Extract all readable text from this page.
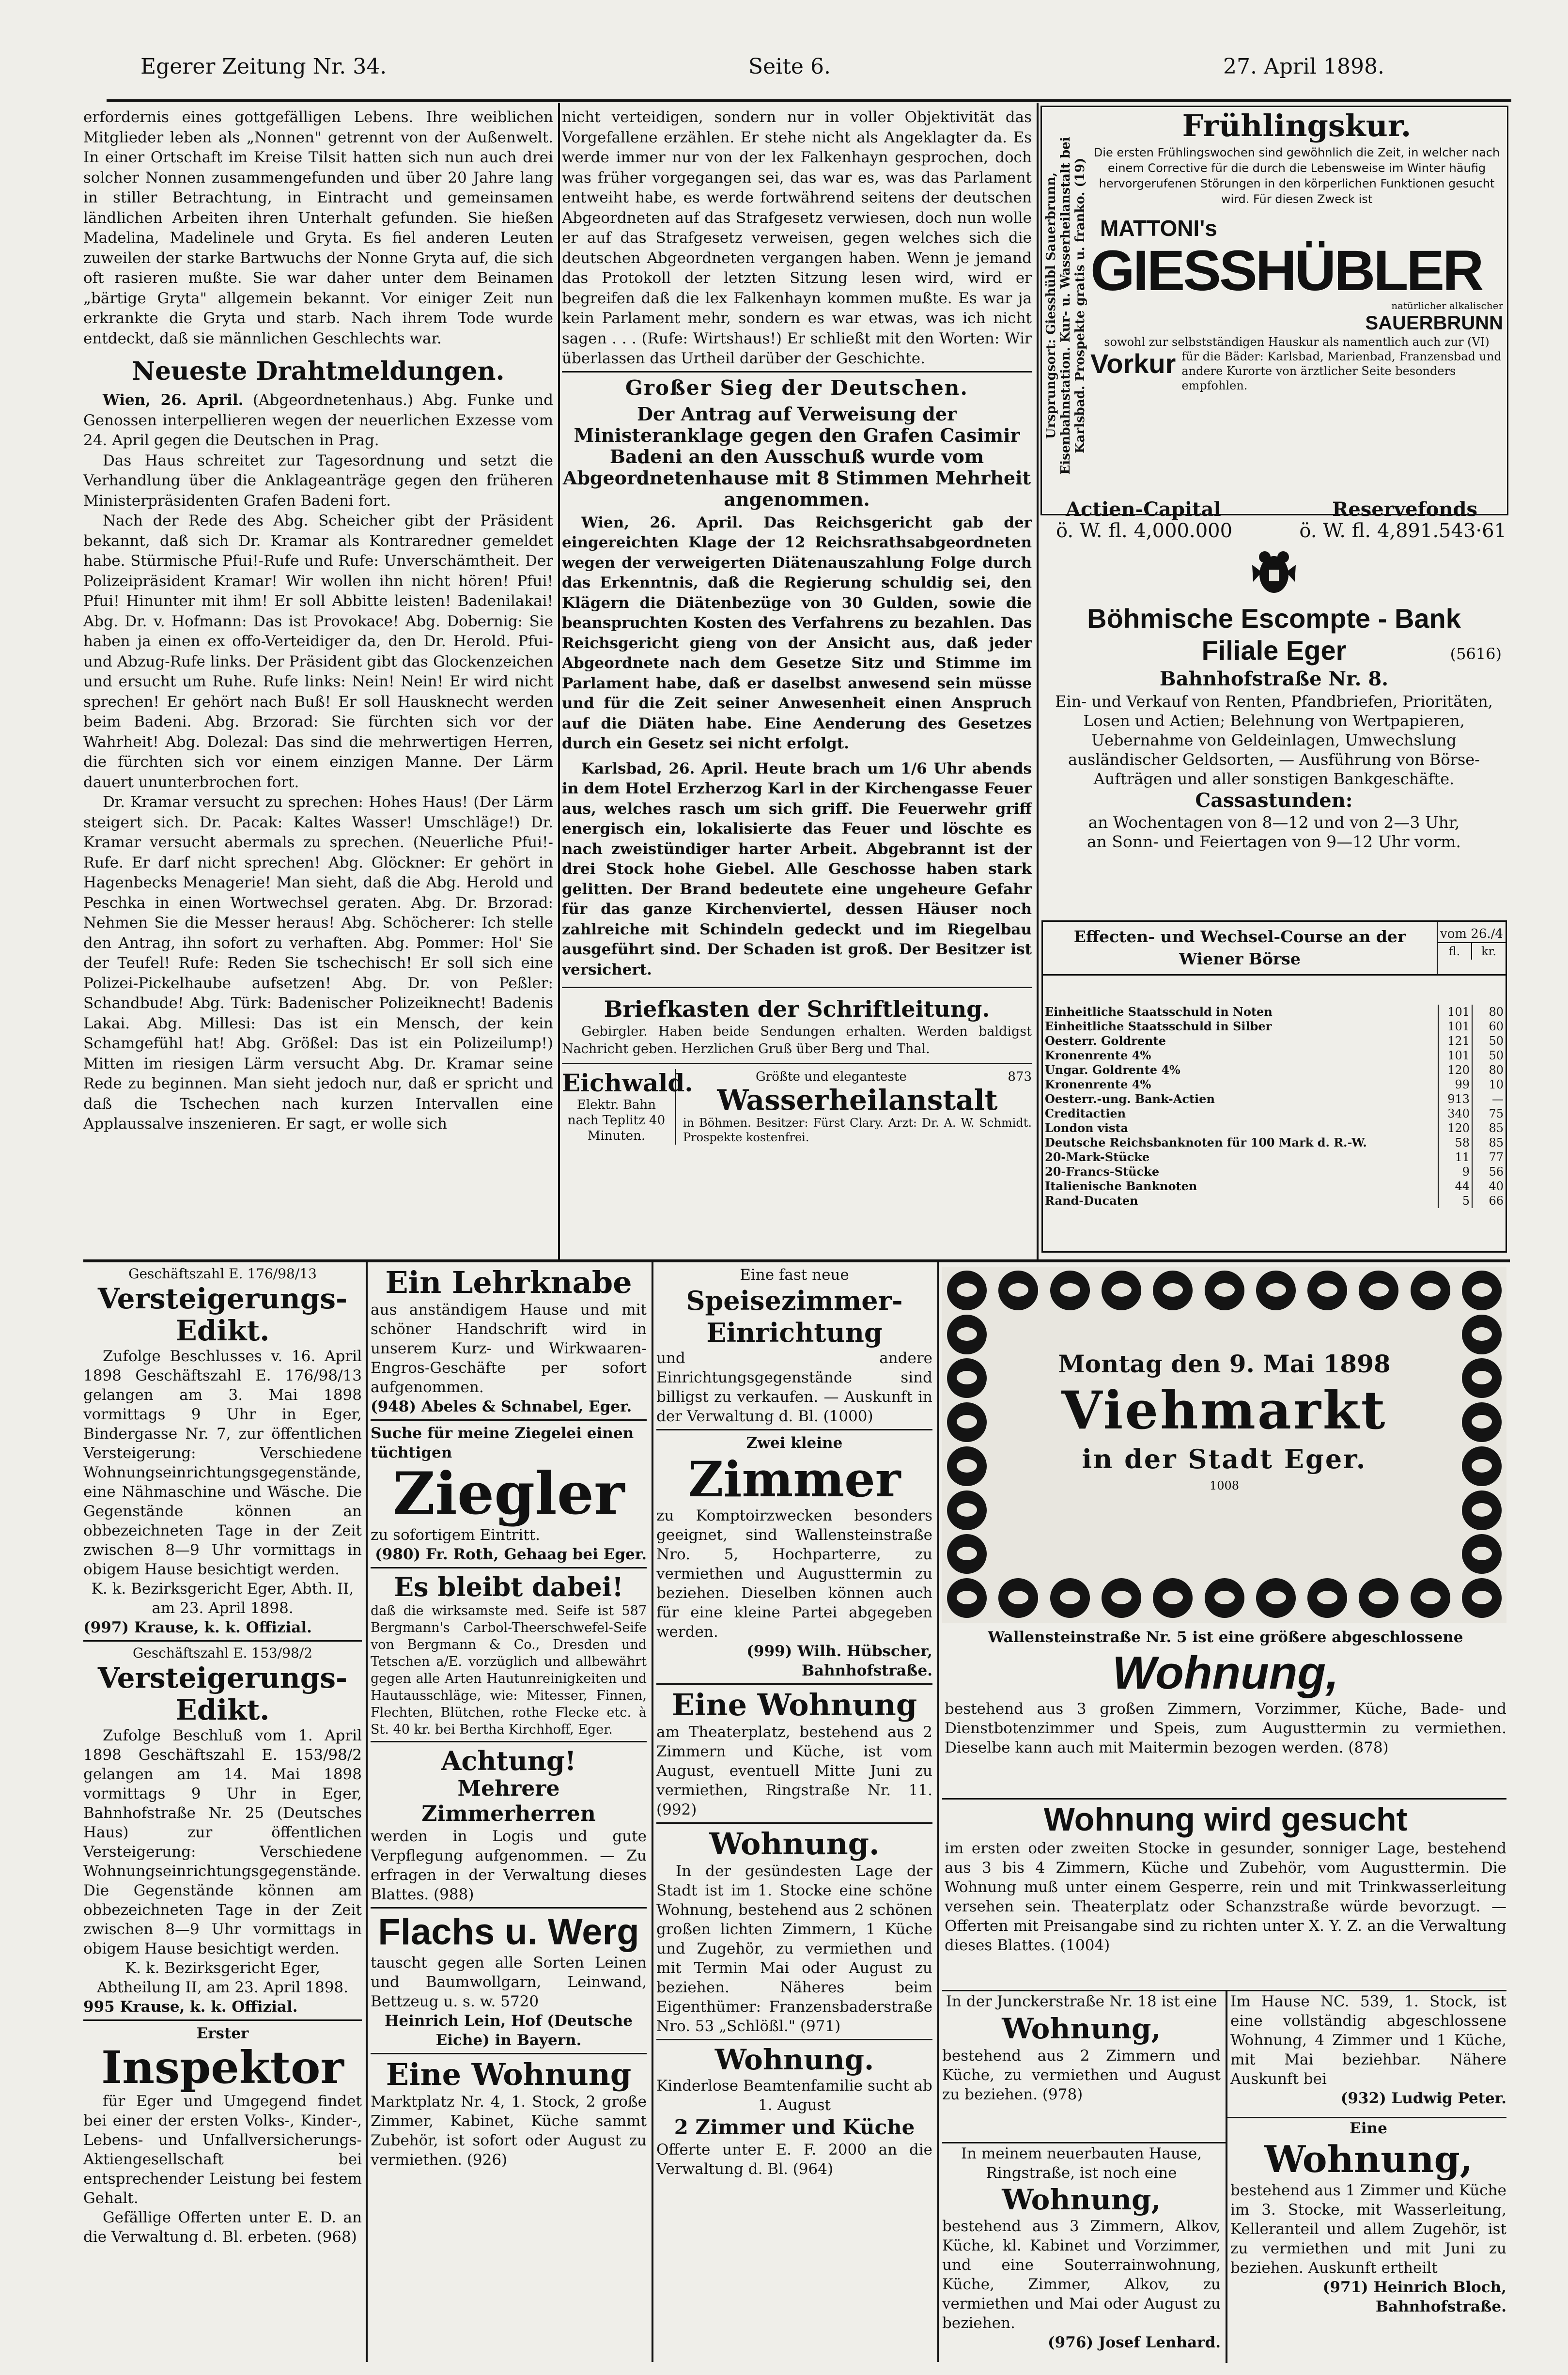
Egerer Zeitung Nr. 34.	Seite 6.	27. April 1898.

erfordernis eines gottgefälligen Lebens. Ihre weiblichen Mitglieder leben als „Nonnen" getrennt von der Außenwelt. In einer Ortschaft im Kreise Tilsit hatten sich nun auch drei solcher Nonnen zusammengefunden und über 20 Jahre lang in stiller Betrachtung, in Eintracht und gemeinsamen ländlichen Arbeiten ihren Unterhalt gefunden. Sie hießen Madelina, Madelinele und Gryta. Es fiel anderen Leuten zuweilen der starke Bartwuchs der Nonne Gryta auf, die sich oft rasieren mußte. Sie war daher unter dem Beinamen „bärtige Gryta" allgemein bekannt. Vor einiger Zeit nun erkrankte die Gryta und starb. Nach ihrem Tode wurde entdeckt, daß sie männlichen Geschlechts war.

Neueste Drahtmeldungen.

Wien, 26. April. (Abgeordnetenhaus.) Abg. Funke und Genossen interpellieren wegen der neuerlichen Exzesse vom 24. April gegen die Deutschen in Prag.

Das Haus schreitet zur Tagesordnung und setzt die Verhandlung über die Anklageanträge gegen den früheren Ministerpräsidenten Grafen Badeni fort.

Nach der Rede des Abg. Scheicher gibt der Präsident bekannt, daß sich Dr. Kramar als Kontraredner gemeldet habe. Stürmische Pfui!-Rufe und Rufe: Unverschämtheit. Der Polizeipräsident Kramar! Wir wollen ihn nicht hören! Pfui! Pfui! Hinunter mit ihm! Er soll Abbitte leisten! Badenilakai! Abg. Dr. v. Hofmann: Das ist Provokace! Abg. Dobernig: Sie haben ja einen ex offo-Verteidiger da, den Dr. Herold. Pfui- und Abzug-Rufe links. Der Präsident gibt das Glockenzeichen und ersucht um Ruhe. Rufe links: Nein! Nein! Er wird nicht sprechen! Er gehört nach Buß! Er soll Hausknecht werden beim Badeni. Abg. Brzorad: Sie fürchten sich vor der Wahrheit! Abg. Dolezal: Das sind die mehrwertigen Herren, die fürchten sich vor einem einzigen Manne. Der Lärm dauert ununterbrochen fort.

Dr. Kramar versucht zu sprechen: Hohes Haus! (Der Lärm steigert sich. Dr. Pacak: Kaltes Wasser! Umschläge!) Dr. Kramar versucht abermals zu sprechen. (Neuerliche Pfui!-Rufe. Er darf nicht sprechen! Abg. Glöckner: Er gehört in Hagenbecks Menagerie! Man sieht, daß die Abg. Herold und Peschka in einen Wortwechsel geraten. Abg. Dr. Brzorad: Nehmen Sie die Messer heraus! Abg. Schöcherer: Ich stelle den Antrag, ihn sofort zu verhaften. Abg. Pommer: Hol' Sie der Teufel! Rufe: Reden Sie tschechisch! Er soll sich eine Polizei-Pickelhaube aufsetzen! Abg. Dr. von Peßler: Schandbude! Abg. Türk: Badenischer Polizeiknecht! Badenis Lakai. Abg. Millesi: Das ist ein Mensch, der kein Schamgefühl hat! Abg. Größel: Das ist ein Polizeilump!) Mitten im riesigen Lärm versucht Abg. Dr. Kramar seine Rede zu beginnen. Man sieht jedoch nur, daß er spricht und daß die Tschechen nach kurzen Intervallen eine Applaussalve inszenieren. Er sagt, er wolle sich

nicht verteidigen, sondern nur in voller Objektivität das Vorgefallene erzählen. Er stehe nicht als Angeklagter da. Es werde immer nur von der lex Falkenhayn gesprochen, doch was früher vorgegangen sei, das war es, was das Parlament entweiht habe, es werde fortwährend seitens der deutschen Abgeordneten auf das Strafgesetz verwiesen, doch nun wolle er auf das Strafgesetz verweisen, gegen welches sich die deutschen Abgeordneten vergangen haben. Wenn je jemand das Protokoll der letzten Sitzung lesen wird, wird er begreifen daß die lex Falkenhayn kommen mußte. Es war ja kein Parlament mehr, sondern es war etwas, was ich nicht sagen . . . (Rufe: Wirtshaus!) Er schließt mit den Worten: Wir überlassen das Urtheil darüber der Geschichte.

Großer Sieg der Deutschen.
Der Antrag auf Verweisung der Ministeranklage gegen den Grafen Casimir Badeni an den Ausschuß wurde vom Abgeordnetenhause mit 8 Stimmen Mehrheit angenommen.

Wien, 26. April. Das Reichsgericht gab der eingereichten Klage der 12 Reichsrathsabgeordneten wegen der verweigerten Diätenauszahlung Folge durch das Erkenntnis, daß die Regierung schuldig sei, den Klägern die Diätenbezüge von 30 Gulden, sowie die beanspruchten Kosten des Verfahrens zu bezahlen. Das Reichsgericht gieng von der Ansicht aus, daß jeder Abgeordnete nach dem Gesetze Sitz und Stimme im Parlament habe, daß er daselbst anwesend sein müsse und für die Zeit seiner Anwesenheit einen Anspruch auf die Diäten habe. Eine Aenderung des Gesetzes durch ein Gesetz sei nicht erfolgt.

Karlsbad, 26. April. Heute brach um 1/6 Uhr abends in dem Hotel Erzherzog Karl in der Kirchengasse Feuer aus, welches rasch um sich griff. Die Feuerwehr griff energisch ein, lokalisierte das Feuer und löschte es nach zweistündiger harter Arbeit. Abgebrannt ist der drei Stock hohe Giebel. Alle Geschosse haben stark gelitten. Der Brand bedeutete eine ungeheure Gefahr für das ganze Kirchenviertel, dessen Häuser noch zahlreiche mit Schindeln gedeckt und im Riegelbau ausgeführt sind. Der Schaden ist groß. Der Besitzer ist versichert.

Briefkasten der Schriftleitung.

Gebirgler. Haben beide Sendungen erhalten. Werden baldigst Nachricht geben. Herzlichen Gruß über Berg und Thal.

Eichwald.
Elektr. Bahn nach Teplitz 40 Minuten.
Größte und eleganteste	873
Wasserheilanstalt
in Böhmen. Besitzer: Fürst Clary. Arzt: Dr. A. W. Schmidt. Prospekte kostenfrei.
Ursprungsort: Giesshübl Sauerbrunn, Eisenbahnstation. Kur- u. Wasserheilanstalt bei Karlsbad. Prospekte gratis u. franko. (19)
Frühlingskur.
Die ersten Frühlingswochen sind gewöhnlich die Zeit, in welcher nach einem Corrective für die durch die Lebensweise im Winter häufig hervorgerufenen Störungen in den körperlichen Funktionen gesucht wird. Für diesen Zweck ist
MATTONI's
GIESSHÜBLER
natürlicher alkalischer
SAUERBRUNN
sowohl zur selbstständigen Hauskur als namentlich auch zur (VI)
Vorkur für die Bäder: Karlsbad, Marienbad, Franzensbad und andere Kurorte von ärztlicher Seite besonders empfohlen.
Actien-Capital	Reservefonds
ö. W. fl. 4,000.000	ö. W. fl. 4,891.543·61
Böhmische Escompte - Bank
Filiale Eger	(5616)
Bahnhofstraße Nr. 8.
Ein- und Verkauf von Renten, Pfandbriefen, Prioritäten, Losen und Actien; Belehnung von Wertpapieren, Uebernahme von Geldeinlagen, Umwechslung ausländischer Geldsorten, — Ausführung von Börse-Aufträgen und aller sonstigen Bankgeschäfte.
Cassastunden:
an Wochentagen von 8—12 und von 2—3 Uhr,
an Sonn- und Feiertagen von 9—12 Uhr vorm.
Effecten- und Wechsel-Course an der Wiener Börse
vom 26./4
fl.	kr.
Einheitliche Staatsschuld in Noten	101	80
Einheitliche Staatsschuld in Silber	101	60
Oesterr. Goldrente	121	50
Kronenrente 4%	101	50
Ungar. Goldrente 4%	120	80
Kronenrente 4%	99	10
Oesterr.-ung. Bank-Actien	913	—
Creditactien	340	75
London vista	120	85
Deutsche Reichsbanknoten für 100 Mark d. R.-W.	58	85
20-Mark-Stücke	11	77
20-Francs-Stücke	9	56
Italienische Banknoten	44	40
Rand-Ducaten	5	66
Geschäftszahl E. 176/98/13
Versteigerungs-Edikt.

Zufolge Beschlusses v. 16. April 1898 Geschäftszahl E. 176/98/13 gelangen am 3. Mai 1898 vormittags 9 Uhr in Eger, Bindergasse Nr. 7, zur öffentlichen Versteigerung: Verschiedene Wohnungseinrichtungsgegenstände, eine Nähmaschine und Wäsche. Die Gegenstände können an obbezeichneten Tage in der Zeit zwischen 8—9 Uhr vormittags in obigem Hause besichtigt werden.

K. k. Bezirksgericht Eger, Abth. II, am 23. April 1898.
(997) Krause, k. k. Offizial.
Geschäftszahl E. 153/98/2
Versteigerungs-Edikt.

Zufolge Beschluß vom 1. April 1898 Geschäftszahl E. 153/98/2 gelangen am 14. Mai 1898 vormittags 9 Uhr in Eger, Bahnhofstraße Nr. 25 (Deutsches Haus) zur öffentlichen Versteigerung: Verschiedene Wohnungseinrichtungsgegenstände. Die Gegenstände können am obbezeichneten Tage in der Zeit zwischen 8—9 Uhr vormittags in obigem Hause besichtigt werden.

K. k. Bezirksgericht Eger, Abtheilung II, am 23. April 1898.
995 Krause, k. k. Offizial.
Erster
Inspektor

für Eger und Umgegend findet bei einer der ersten Volks-, Kinder-, Lebens- und Unfallversicherungs-Aktiengesellschaft bei entsprechender Leistung bei festem Gehalt.

Gefällige Offerten unter E. D. an die Verwaltung d. Bl. erbeten. (968)

Ein Lehrknabe

aus anständigem Hause und mit schöner Handschrift wird in unserem Kurz- und Wirkwaaren-Engros-Geschäfte per sofort aufgenommen.

(948) Abeles & Schnabel, Eger.
Suche für meine Ziegelei einen tüchtigen
Ziegler
zu sofortigem Eintritt.
(980) Fr. Roth, Gehaag bei Eger.
Es bleibt dabei!

daß die wirksamste med. Seife ist 587 Bergmann's Carbol-Theerschwefel-Seife von Bergmann & Co., Dresden und Tetschen a/E. vorzüglich und allbewährt gegen alle Arten Hautunreinigkeiten und Hautausschläge, wie: Mitesser, Finnen, Flechten, Blütchen, rothe Flecke etc. à St. 40 kr. bei Bertha Kirchhoff, Eger.

Achtung!
Mehrere Zimmerherren

werden in Logis und gute Verpflegung aufgenommen. — Zu erfragen in der Verwaltung dieses Blattes. (988)

Flachs u. Werg

tauscht gegen alle Sorten Leinen und Baumwollgarn, Leinwand, Bettzeug u. s. w. 5720

Heinrich Lein, Hof (Deutsche Eiche) in Bayern.
Eine Wohnung

Marktplatz Nr. 4, 1. Stock, 2 große Zimmer, Kabinet, Küche sammt Zubehör, ist sofort oder August zu vermiethen. (926)

Eine fast neue
Speisezimmer-Einrichtung

und andere Einrichtungsgegenstände sind billigst zu verkaufen. — Auskunft in der Verwaltung d. Bl. (1000)

Zwei kleine
Zimmer

zu Komptoirzwecken besonders geeignet, sind Wallensteinstraße Nro. 5, Hochparterre, zu vermiethen und Augusttermin zu beziehen. Dieselben können auch für eine kleine Partei abgegeben werden.

(999) Wilh. Hübscher, Bahnhofstraße.
Eine Wohnung

am Theaterplatz, bestehend aus 2 Zimmern und Küche, ist vom August, eventuell Mitte Juni zu vermiethen, Ringstraße Nr. 11. (992)

Wohnung.

In der gesündesten Lage der Stadt ist im 1. Stocke eine schöne Wohnung, bestehend aus 2 schönen großen lichten Zimmern, 1 Küche und Zugehör, zu vermiethen und mit Termin Mai oder August zu beziehen. Näheres beim Eigenthümer: Franzensbaderstraße Nro. 53 „Schlößl." (971)

Wohnung.

Kinderlose Beamtenfamilie sucht ab 1. August

2 Zimmer und Küche

Offerte unter E. F. 2000 an die Verwaltung d. Bl. (964)

Montag den 9. Mai 1898
Viehmarkt
in der Stadt Eger.
1008
Wallensteinstraße Nr. 5 ist eine größere abgeschlossene
Wohnung,

bestehend aus 3 großen Zimmern, Vorzimmer, Küche, Bade- und Dienstbotenzimmer und Speis, zum Augusttermin zu vermiethen. Dieselbe kann auch mit Maitermin bezogen werden. (878)

Wohnung wird gesucht

im ersten oder zweiten Stocke in gesunder, sonniger Lage, bestehend aus 3 bis 4 Zimmern, Küche und Zubehör, vom Augusttermin. Die Wohnung muß unter einem Gesperre, rein und mit Trinkwasserleitung versehen sein. Theaterplatz oder Schanzstraße würde bevorzugt. — Offerten mit Preisangabe sind zu richten unter X. Y. Z. an die Verwaltung dieses Blattes. (1004)

In der Junckerstraße Nr. 18 ist eine
Wohnung,

bestehend aus 2 Zimmern und Küche, zu vermiethen und August zu beziehen. (978)

In meinem neuerbauten Hause, Ringstraße, ist noch eine
Wohnung,

bestehend aus 3 Zimmern, Alkov, Küche, kl. Kabinet und Vorzimmer, und eine Souterrainwohnung, Küche, Zimmer, Alkov, zu vermiethen und Mai oder August zu beziehen.

(976) Josef Lenhard.

Im Hause NC. 539, 1. Stock, ist eine vollständig abgeschlossene Wohnung, 4 Zimmer und 1 Küche, mit Mai beziehbar. Nähere Auskunft bei

(932) Ludwig Peter.
Eine
Wohnung,

bestehend aus 1 Zimmer und Küche im 3. Stocke, mit Wasserleitung, Kelleranteil und allem Zugehör, ist zu vermiethen und mit Juni zu beziehen. Auskunft ertheilt

(971) Heinrich Bloch, Bahnhofstraße.
